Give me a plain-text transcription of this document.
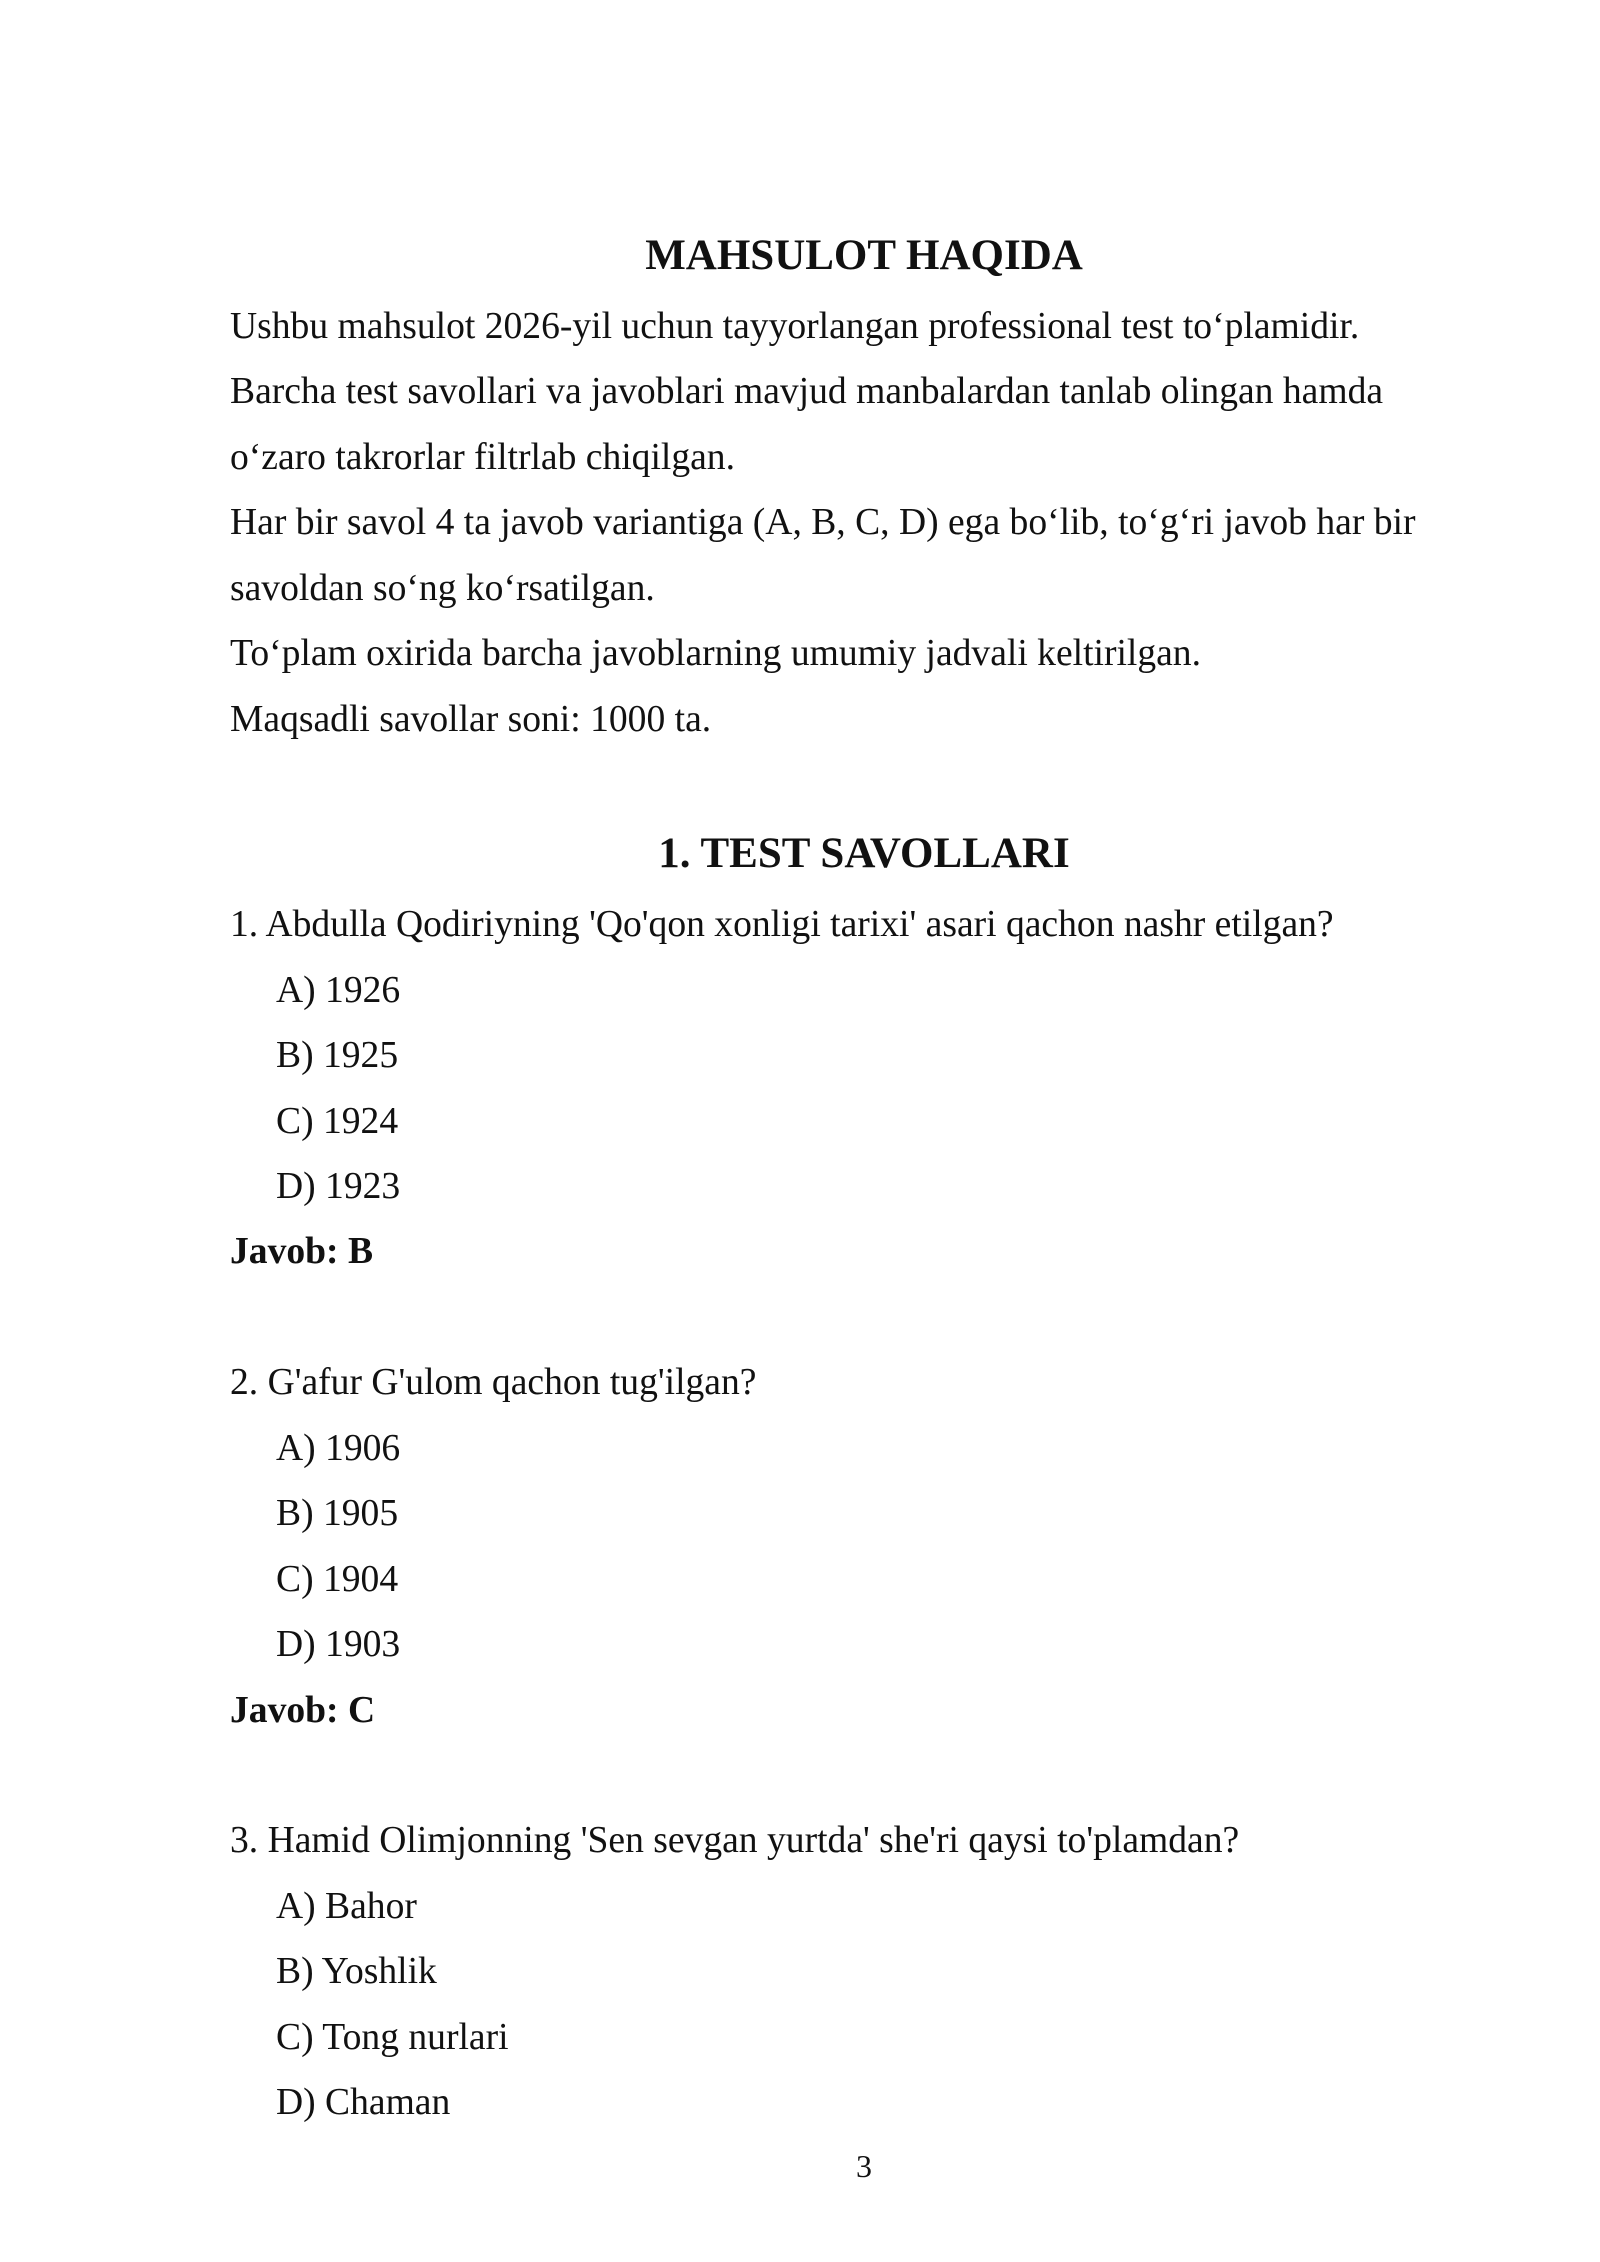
MAHSULOT HAQIDA

Ushbu mahsulot 2026-yil uchun tayyorlangan professional test to‘plamidir.

Barcha test savollari va javoblari mavjud manbalardan tanlab olingan hamda

o‘zaro takrorlar filtrlab chiqilgan.

Har bir savol 4 ta javob variantiga (A, B, C, D) ega bo‘lib, to‘g‘ri javob har bir

savoldan so‘ng ko‘rsatilgan.

To‘plam oxirida barcha javoblarning umumiy jadvali keltirilgan.

Maqsadli savollar soni: 1000 ta.

1. TEST SAVOLLARI

1. Abdulla Qodiriyning 'Qo'qon xonligi tarixi' asari qachon nashr etilgan?

A) 1926

B) 1925

C) 1924

D) 1923

Javob: B

2. G'afur G'ulom qachon tug'ilgan?

A) 1906

B) 1905

C) 1904

D) 1903

Javob: C

3. Hamid Olimjonning 'Sen sevgan yurtda' she'ri qaysi to'plamdan?

A) Bahor

B) Yoshlik

C) Tong nurlari

D) Chaman

3
